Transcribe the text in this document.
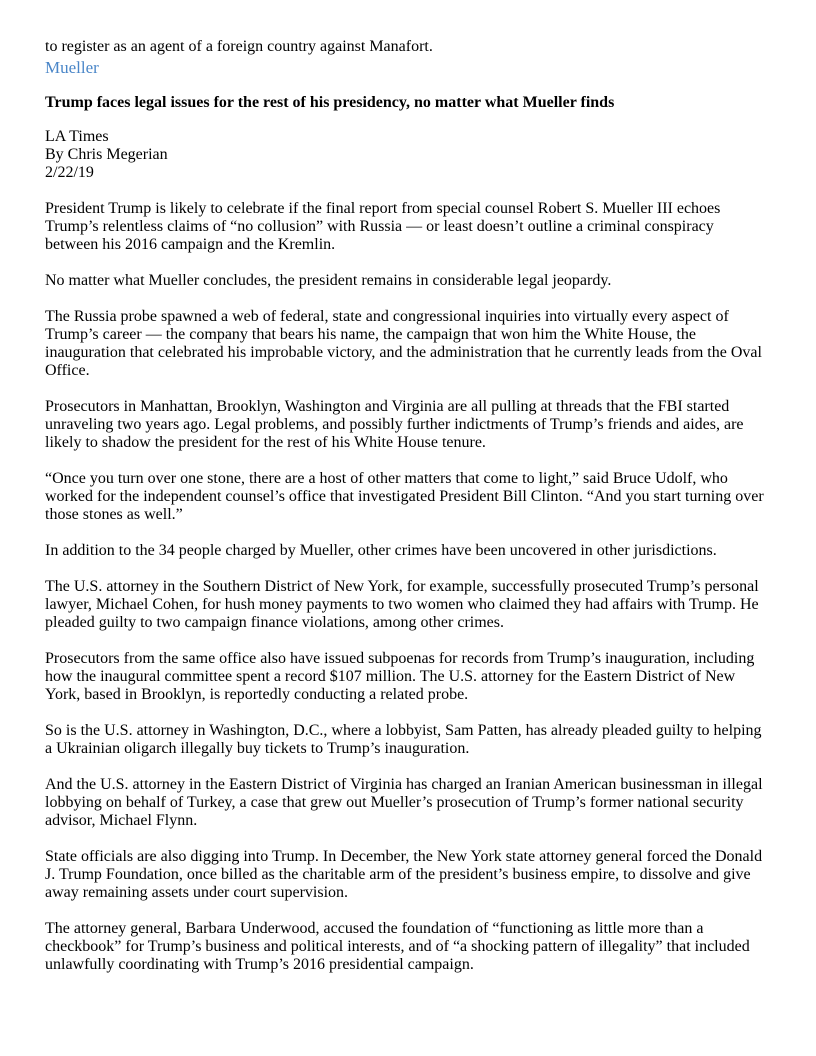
to register as an agent of a foreign country against Manafort.

Mueller

Trump faces legal issues for the rest of his presidency, no matter what Mueller finds

LA Times
By Chris Megerian
2/22/19

President Trump is likely to celebrate if the final report from special counsel Robert S. Mueller III echoes Trump’s relentless claims of “no collusion” with Russia — or least doesn’t outline a criminal conspiracy between his 2016 campaign and the Kremlin.

No matter what Mueller concludes, the president remains in considerable legal jeopardy.

The Russia probe spawned a web of federal, state and congressional inquiries into virtually every aspect of Trump’s career — the company that bears his name, the campaign that won him the White House, the inauguration that celebrated his improbable victory, and the administration that he currently leads from the Oval Office.

Prosecutors in Manhattan, Brooklyn, Washington and Virginia are all pulling at threads that the FBI started unraveling two years ago. Legal problems, and possibly further indictments of Trump’s friends and aides, are likely to shadow the president for the rest of his White House tenure.

“Once you turn over one stone, there are a host of other matters that come to light,” said Bruce Udolf, who worked for the independent counsel’s office that investigated President Bill Clinton. “And you start turning over those stones as well.”

In addition to the 34 people charged by Mueller, other crimes have been uncovered in other jurisdictions.

The U.S. attorney in the Southern District of New York, for example, successfully prosecuted Trump’s personal lawyer, Michael Cohen, for hush money payments to two women who claimed they had affairs with Trump. He pleaded guilty to two campaign finance violations, among other crimes.

Prosecutors from the same office also have issued subpoenas for records from Trump’s inauguration, including how the inaugural committee spent a record $107 million. The U.S. attorney for the Eastern District of New York, based in Brooklyn, is reportedly conducting a related probe.

So is the U.S. attorney in Washington, D.C., where a lobbyist, Sam Patten, has already pleaded guilty to helping a Ukrainian oligarch illegally buy tickets to Trump’s inauguration.

And the U.S. attorney in the Eastern District of Virginia has charged an Iranian American businessman in illegal lobbying on behalf of Turkey, a case that grew out Mueller’s prosecution of Trump’s former national security advisor, Michael Flynn.

State officials are also digging into Trump. In December, the New York state attorney general forced the Donald J. Trump Foundation, once billed as the charitable arm of the president’s business empire, to dissolve and give away remaining assets under court supervision.

The attorney general, Barbara Underwood, accused the foundation of “functioning as little more than a checkbook” for Trump’s business and political interests, and of “a shocking pattern of illegality” that included unlawfully coordinating with Trump’s 2016 presidential campaign.
